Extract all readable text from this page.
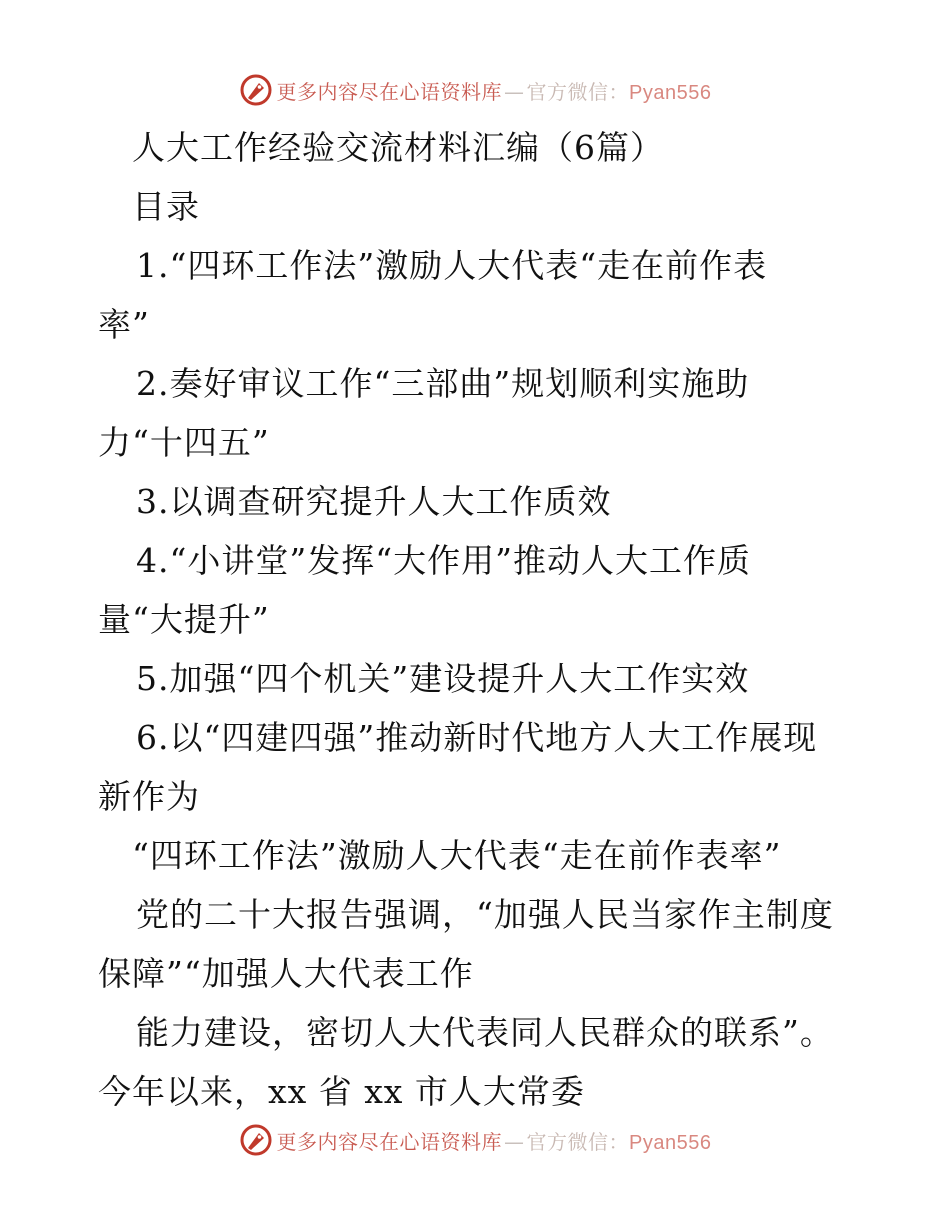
更多内容尽在心语资料库 — 官方微信：Pyan556
人大工作经验交流材料汇编（6篇）
目录
1.“四环工作法”激励人大代表“走在前作表
率”
2.奏好审议工作“三部曲”规划顺利实施助
力“十四五”
3.以调查研究提升人大工作质效
4.“小讲堂”发挥“大作用”推动人大工作质
量“大提升”
5.加强“四个机关”建设提升人大工作实效
6.以“四建四强”推动新时代地方人大工作展现
新作为
“四环工作法”激励人大代表“走在前作表率”
党的二十大报告强调，“加强人民当家作主制度
保障”“加强人大代表工作
能力建设，密切人大代表同人民群众的联系”。
今年以来，xx 省 xx 市人大常委
更多内容尽在心语资料库 — 官方微信：Pyan556
